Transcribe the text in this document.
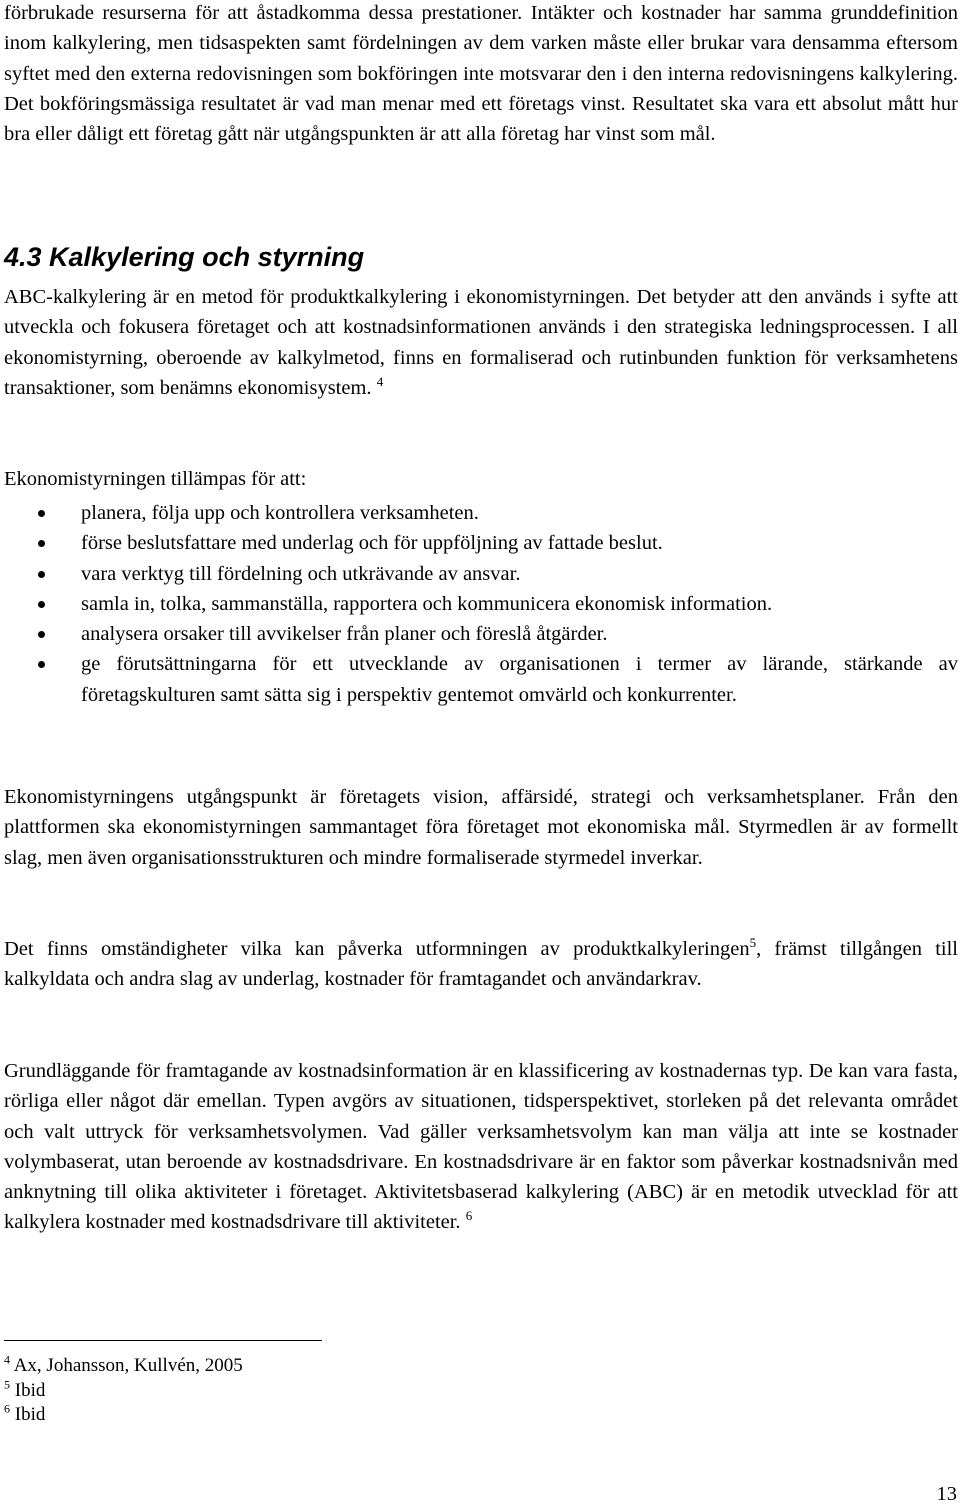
förbrukade resurserna för att åstadkomma dessa prestationer. Intäkter och kostnader har samma grunddefinition inom kalkylering, men tidsaspekten samt fördelningen av dem varken måste eller brukar vara densamma eftersom syftet med den externa redovisningen som bokföringen inte motsvarar den i den interna redovisningens kalkylering. Det bokföringsmässiga resultatet är vad man menar med ett företags vinst. Resultatet ska vara ett absolut mått hur bra eller dåligt ett företag gått när utgångspunkten är att alla företag har vinst som mål.

4.3 Kalkylering och styrning

ABC-kalkylering är en metod för produktkalkylering i ekonomistyrningen. Det betyder att den används i syfte att utveckla och fokusera företaget och att kostnadsinformationen används i den strategiska ledningsprocessen. I all ekonomistyrning, oberoende av kalkylmetod, finns en formaliserad och rutinbunden funktion för verksamhetens transaktioner, som benämns ekonomisystem. $^4$

Ekonomistyrningen tillämpas för att:

planera, följa upp och kontrollera verksamheten.
förse beslutsfattare med underlag och för uppföljning av fattade beslut.
vara verktyg till fördelning och utkrävande av ansvar.
samla in, tolka, sammanställa, rapportera och kommunicera ekonomisk information.
analysera orsaker till avvikelser från planer och föreslå åtgärder.
ge förutsättningarna för ett utvecklande av organisationen i termer av lärande, stärkande av företagskulturen samt sätta sig i perspektiv gentemot omvärld och konkurrenter.

Ekonomistyrningens utgångspunkt är företagets vision, affärsidé, strategi och verksamhetsplaner. Från den plattformen ska ekonomistyrningen sammantaget föra företaget mot ekonomiska mål. Styrmedlen är av formellt slag, men även organisationsstrukturen och mindre formaliserade styrmedel inverkar.

Det finns omständigheter vilka kan påverka utformningen av produktkalkyleringen$^5$, främst tillgången till kalkyldata och andra slag av underlag, kostnader för framtagandet och användarkrav.

Grundläggande för framtagande av kostnadsinformation är en klassificering av kostnadernas typ. De kan vara fasta, rörliga eller något där emellan. Typen avgörs av situationen, tidsperspektivet, storleken på det relevanta området och valt uttryck för verksamhetsvolymen. Vad gäller verksamhetsvolym kan man välja att inte se kostnader volymbaserat, utan beroende av kostnadsdrivare. En kostnadsdrivare är en faktor som påverkar kostnadsnivån med anknytning till olika aktiviteter i företaget. Aktivitetsbaserad kalkylering (ABC) är en metodik utvecklad för att kalkylera kostnader med kostnadsdrivare till aktiviteter. $^6$

$^4$ Ax, Johansson, Kullvén, 2005
$^5$ Ibid
$^6$ Ibid
13
